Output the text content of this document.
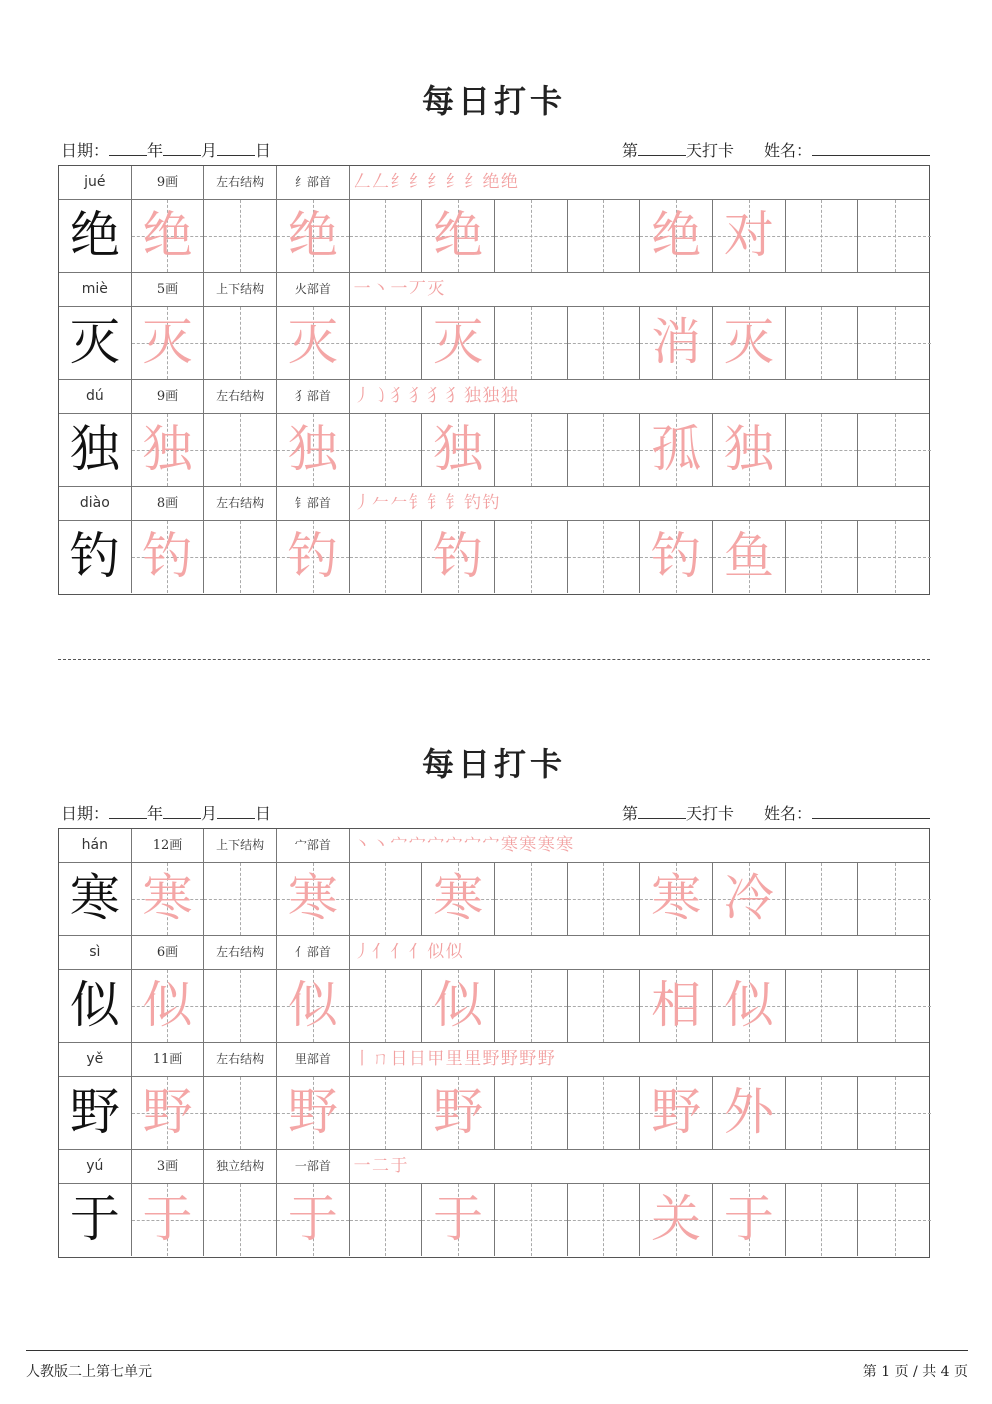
每日打卡
日期： 年 月 日	第	天打卡 姓名：
jué	9画	左右结构	纟部首	𠃋 𠃋 纟 纟 纟 纟 纟 绝 绝
绝 绝 绝 绝	绝 对
miè	5画	上下结构	火部首	一 丶 一 丆 灭
灭 灭 灭 灭	消 灭
dú	9画	左右结构	犭部首	丿 ㇁ 犭 犭 犭 犭 独 独 独
独 独 独 独	孤 独
diào	8画	左右结构	钅部首	丿 𠂉 𠂉 钅 钅 钅 钓 钓
钓 钓 钓 钓	钓 鱼
每日打卡
日期： 年 月 日	第	天打卡 姓名：
hán	12画	上下结构	宀部首	丶 丶 宀 宀 宀 宀 宀 宀 寒 寒 寒 寒
寒 寒 寒 寒	寒 冷
sì	6画	左右结构	亻部首	丿 亻 亻 亻 似 似
似 似 似 似	相 似
yě	11画	左右结构	里部首	丨 ㄇ 日 日 甲 里 里 野 野 野 野
野 野 野 野	野 外
yú	3画	独立结构	一部首	一 二 于
于 于 于 于	关 于
人教版二上第七单元	第 1 页 / 共 4 页
